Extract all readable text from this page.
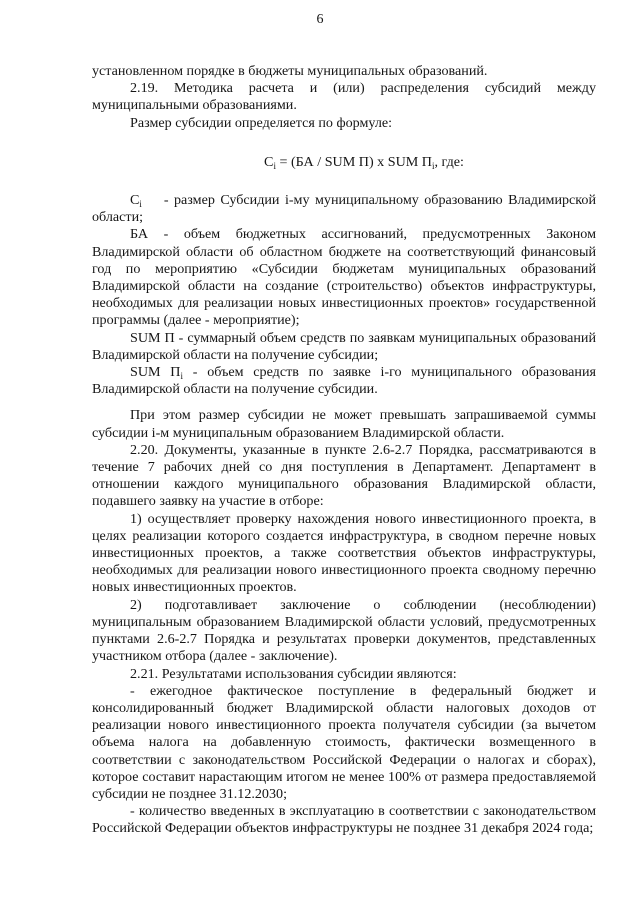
6

установленном порядке в бюджеты муниципальных образований.

2.19. Методика расчета и (или) распределения субсидий между муниципальными образованиями.

Размер субсидии определяется по формуле:

$C_i = (БА$ / SUM П) x SUM $П_i$, где:

$C_i$ - размер Субсидии i-му муниципальному образованию Владимирской области;

БА - объем бюджетных ассигнований, предусмотренных Законом Владимирской области об областном бюджете на соответствующий финансовый год по мероприятию «Субсидии бюджетам муниципальных образований Владимирской области на создание (строительство) объектов инфраструктуры, необходимых для реализации новых инвестиционных проектов» государственной программы (далее - мероприятие);

SUM П - суммарный объем средств по заявкам муниципальных образований Владимирской области на получение субсидии;

SUM $П_i$ - объем средств по заявке i-го муниципального образования Владимирской области на получение субсидии.

При этом размер субсидии не может превышать запрашиваемой суммы субсидии i-м муниципальным образованием Владимирской области.

2.20. Документы, указанные в пункте 2.6-2.7 Порядка, рассматриваются в течение 7 рабочих дней со дня поступления в Департамент. Департамент в отношении каждого муниципального образования Владимирской области, подавшего заявку на участие в отборе:

1) осуществляет проверку нахождения нового инвестиционного проекта, в целях реализации которого создается инфраструктура, в сводном перечне новых инвестиционных проектов, а также соответствия объектов инфраструктуры, необходимых для реализации нового инвестиционного проекта сводному перечню новых инвестиционных проектов.

2) подготавливает заключение о соблюдении (несоблюдении) муниципальным образованием Владимирской области условий, предусмотренных пунктами 2.6-2.7 Порядка и результатах проверки документов, представленных участником отбора (далее - заключение).

2.21. Результатами использования субсидии являются:

- ежегодное фактическое поступление в федеральный бюджет и консолидированный бюджет Владимирской области налоговых доходов от реализации нового инвестиционного проекта получателя субсидии (за вычетом объема налога на добавленную стоимость, фактически возмещенного в соответствии с законодательством Российской Федерации о налогах и сборах), которое составит нарастающим итогом не менее 100% от размера предоставляемой субсидии не позднее 31.12.2030;

- количество введенных в эксплуатацию в соответствии с законодательством Российской Федерации объектов инфраструктуры не позднее 31 декабря 2024 года;
